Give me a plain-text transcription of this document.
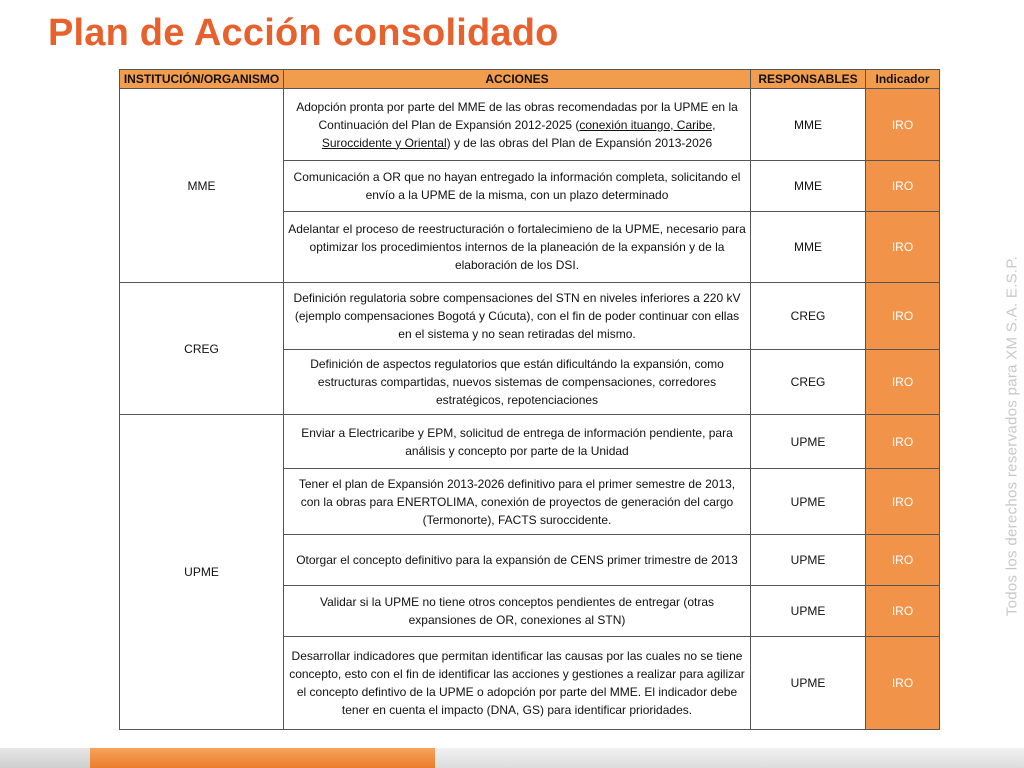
Plan de Acción consolidado
Todos los derechos reservados para XM S.A. E.S.P.
INSTITUCIÓN/ORGANISMO	ACCIONES	RESPONSABLES	Indicador
MME	Adopción pronta por parte del MME de las obras recomendadas por la UPME en la Continuación del Plan de Expansión 2012-2025 (conexión ituango, Caribe, Suroccidente y Oriental) y de las obras del Plan de Expansión 2013-2026	MME	IRO
	Comunicación a OR que no hayan entregado la información completa, solicitando el envío a la UPME de la misma, con un plazo determinado	MME	IRO
	Adelantar el proceso de reestructuración o fortalecimieno de la UPME, necesario para optimizar los procedimientos internos de la planeación de la expansión y de la elaboración de los DSI.	MME	IRO
CREG	Definición regulatoria sobre compensaciones del STN en niveles inferiores a 220 kV (ejemplo compensaciones Bogotá y Cúcuta), con el fin de poder continuar con ellas en el sistema y no sean retiradas del mismo.	CREG	IRO
	Definición de aspectos regulatorios que están dificultándo la expansión, como estructuras compartidas, nuevos sistemas de compensaciones, corredores estratégicos, repotenciaciones	CREG	IRO
UPME	Enviar a Electricaribe y EPM, solicitud de entrega de información pendiente, para análisis y concepto por parte de la Unidad	UPME	IRO
	Tener el plan de Expansión 2013-2026 definitivo para el primer semestre de 2013, con la obras para ENERTOLIMA, conexión de proyectos de generación del cargo (Termonorte), FACTS suroccidente.	UPME	IRO
	Otorgar el concepto definitivo para la expansión de CENS primer trimestre de 2013	UPME	IRO
	Validar si la UPME no tiene otros conceptos pendientes de entregar (otras expansiones de OR, conexiones al STN)	UPME	IRO
	Desarrollar indicadores que permitan identificar las causas por las cuales no se tiene concepto, esto con el fin de identificar las acciones y gestiones a realizar para agilizar el concepto defintivo de la UPME o adopción por parte del MME. El indicador debe tener en cuenta el impacto (DNA, GS) para identificar prioridades.	UPME	IRO
